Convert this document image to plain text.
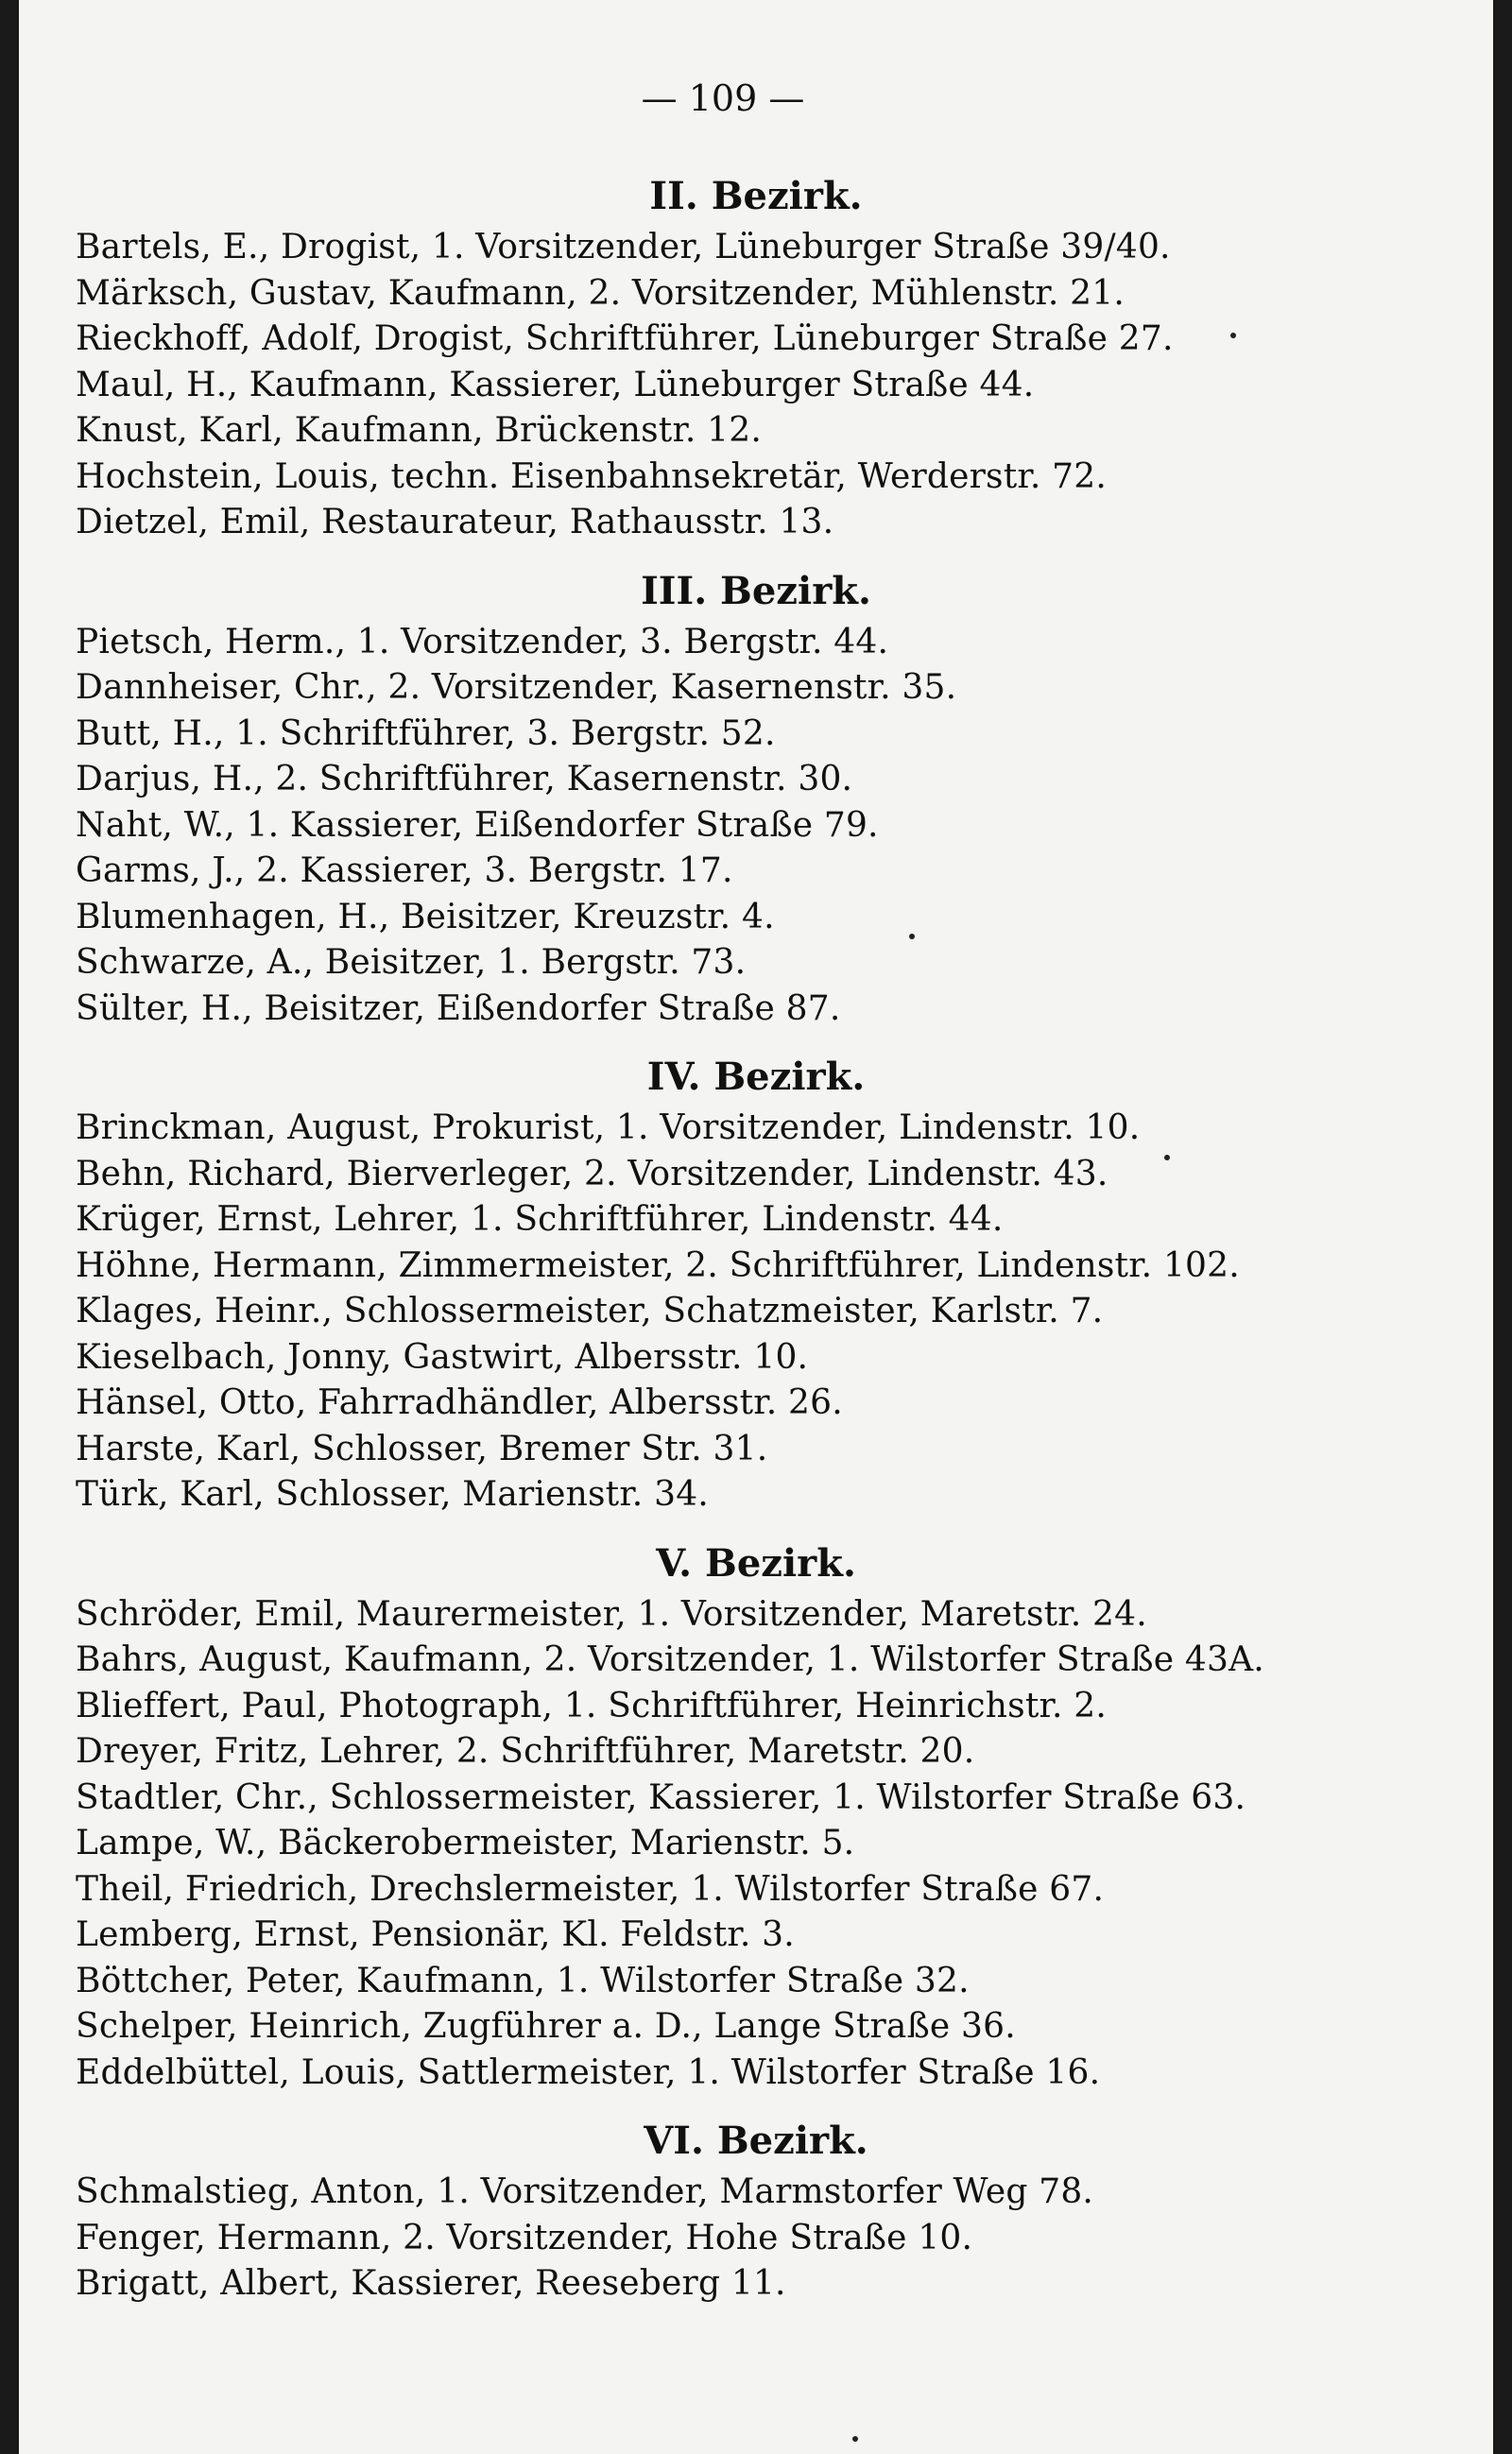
— 109 —
II. Bezirk.
Bartels, E., Drogist, 1. Vorsitzender, Lüneburger Straße 39/40.
Märksch, Gustav, Kaufmann, 2. Vorsitzender, Mühlenstr. 21.
Rieckhoff, Adolf, Drogist, Schriftführer, Lüneburger Straße 27.
Maul, H., Kaufmann, Kassierer, Lüneburger Straße 44.
Knust, Karl, Kaufmann, Brückenstr. 12.
Hochstein, Louis, techn. Eisenbahnsekretär, Werderstr. 72.
Dietzel, Emil, Restaurateur, Rathausstr. 13.
III. Bezirk.
Pietsch, Herm., 1. Vorsitzender, 3. Bergstr. 44.
Dannheiser, Chr., 2. Vorsitzender, Kasernenstr. 35.
Butt, H., 1. Schriftführer, 3. Bergstr. 52.
Darjus, H., 2. Schriftführer, Kasernenstr. 30.
Naht, W., 1. Kassierer, Eißendorfer Straße 79.
Garms, J., 2. Kassierer, 3. Bergstr. 17.
Blumenhagen, H., Beisitzer, Kreuzstr. 4.
Schwarze, A., Beisitzer, 1. Bergstr. 73.
Sülter, H., Beisitzer, Eißendorfer Straße 87.
IV. Bezirk.
Brinckman, August, Prokurist, 1. Vorsitzender, Lindenstr. 10.
Behn, Richard, Bierverleger, 2. Vorsitzender, Lindenstr. 43.
Krüger, Ernst, Lehrer, 1. Schriftführer, Lindenstr. 44.
Höhne, Hermann, Zimmermeister, 2. Schriftführer, Lindenstr. 102.
Klages, Heinr., Schlossermeister, Schatzmeister, Karlstr. 7.
Kieselbach, Jonny, Gastwirt, Albersstr. 10.
Hänsel, Otto, Fahrradhändler, Albersstr. 26.
Harste, Karl, Schlosser, Bremer Str. 31.
Türk, Karl, Schlosser, Marienstr. 34.
V. Bezirk.
Schröder, Emil, Maurermeister, 1. Vorsitzender, Maretstr. 24.
Bahrs, August, Kaufmann, 2. Vorsitzender, 1. Wilstorfer Straße 43A.
Blieffert, Paul, Photograph, 1. Schriftführer, Heinrichstr. 2.
Dreyer, Fritz, Lehrer, 2. Schriftführer, Maretstr. 20.
Stadtler, Chr., Schlossermeister, Kassierer, 1. Wilstorfer Straße 63.
Lampe, W., Bäckerobermeister, Marienstr. 5.
Theil, Friedrich, Drechslermeister, 1. Wilstorfer Straße 67.
Lemberg, Ernst, Pensionär, Kl. Feldstr. 3.
Böttcher, Peter, Kaufmann, 1. Wilstorfer Straße 32.
Schelper, Heinrich, Zugführer a. D., Lange Straße 36.
Eddelbüttel, Louis, Sattlermeister, 1. Wilstorfer Straße 16.
VI. Bezirk.
Schmalstieg, Anton, 1. Vorsitzender, Marmstorfer Weg 78.
Fenger, Hermann, 2. Vorsitzender, Hohe Straße 10.
Brigatt, Albert, Kassierer, Reeseberg 11.
